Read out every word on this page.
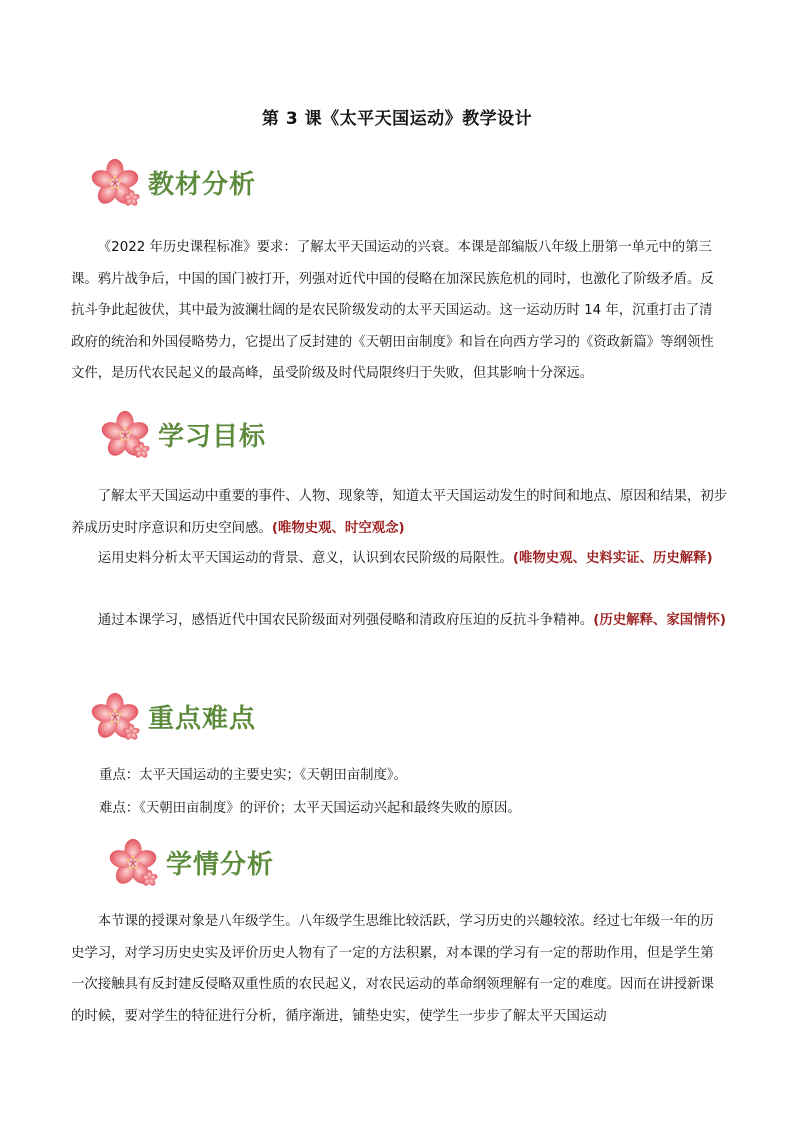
第 3 课《太平天国运动》教学设计
教材分析

《2022 年历史课程标准》要求：了解太平天国运动的兴衰。本课是部编版八年级上册第一单元中的第三课。鸦片战争后，中国的国门被打开，列强对近代中国的侵略在加深民族危机的同时，也激化了阶级矛盾。反抗斗争此起彼伏，其中最为波澜壮阔的是农民阶级发动的太平天国运动。这一运动历时 14 年，沉重打击了清政府的统治和外国侵略势力，它提出了反封建的《天朝田亩制度》和旨在向西方学习的《资政新篇》等纲领性文件，是历代农民起义的最高峰，虽受阶级及时代局限终归于失败，但其影响十分深远。

学习目标

了解太平天国运动中重要的事件、人物、现象等，知道太平天国运动发生的时间和地点、原因和结果，初步养成历史时序意识和历史空间感。(唯物史观、时空观念)

运用史料分析太平天国运动的背景、意义，认识到农民阶级的局限性。(唯物史观、史料实证、历史解释)

通过本课学习，感悟近代中国农民阶级面对列强侵略和清政府压迫的反抗斗争精神。(历史解释、家国情怀)

重点难点

重点：太平天国运动的主要史实；《天朝田亩制度》。

难点：《天朝田亩制度》的评价；太平天国运动兴起和最终失败的原因。

学情分析

本节课的授课对象是八年级学生。八年级学生思维比较活跃，学习历史的兴趣较浓。经过七年级一年的历史学习，对学习历史史实及评价历史人物有了一定的方法积累，对本课的学习有一定的帮助作用，但是学生第一次接触具有反封建反侵略双重性质的农民起义，对农民运动的革命纲领理解有一定的难度。因而在讲授新课的时候，要对学生的特征进行分析，循序渐进，铺垫史实，使学生一步步了解太平天国运动
